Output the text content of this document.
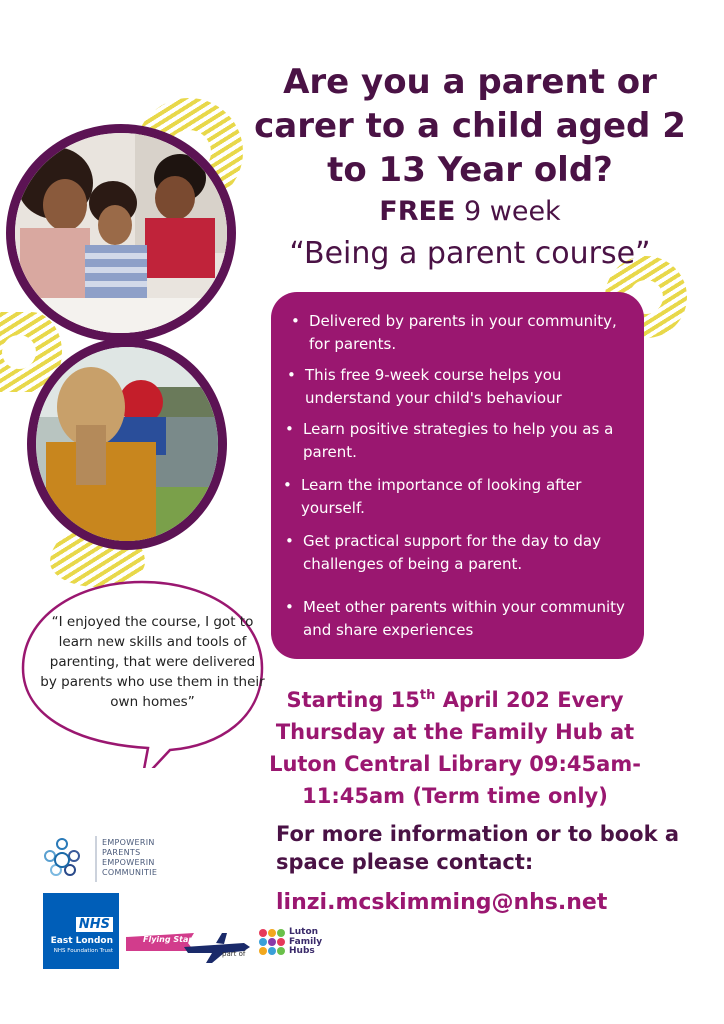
Are you a parent or carer to a child aged 2 to 13 Year old?
FREE 9 week
“Being a parent course”
• Delivered by parents in your community, for parents.
• This free 9-week course helps you understand your child's behaviour
• Learn positive strategies to help you as a parent.
• Learn the importance of looking after yourself.
• Get practical support for the day to day challenges of being a parent.
• Meet other parents within your community and share experiences
“I enjoyed the course, I got to learn new skills and tools of parenting, that were delivered by parents who use them in their own homes”	Starting 15th April 202 Every Thursday at the Family Hub at Luton Central Library 09:45am- 11:45am (Term time only)
For more information or to book a space please contact:
linzi.mcskimming@nhs.net
EMPOWERIN
PARENTS
EMPOWERIN
COMMUNITIE
NHS
East London
NHS Foundation Trust
Flying Start
part of
Luton
Family
Hubs
